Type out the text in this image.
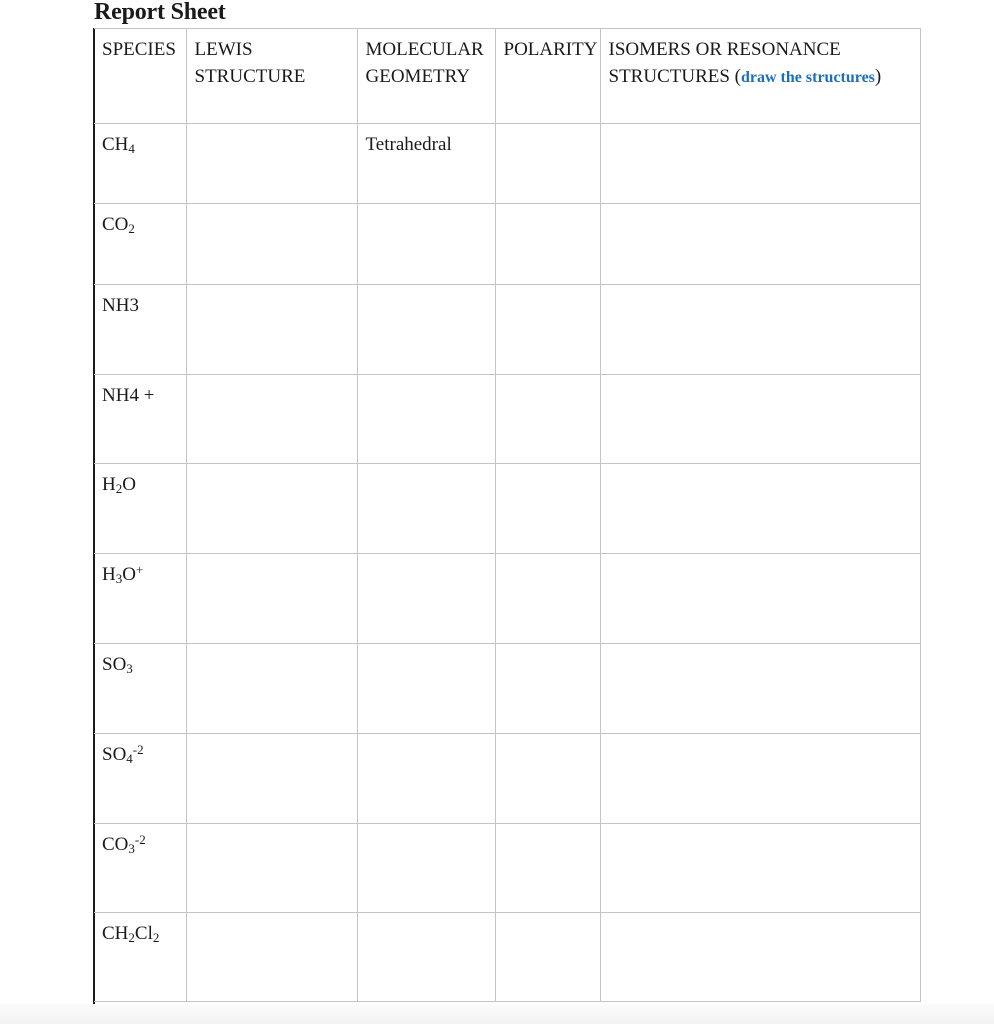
Report Sheet
SPECIES	LEWIS STRUCTURE	MOLECULAR GEOMETRY	POLARITY	ISOMERS OR RESONANCE STRUCTURES (draw the structures)
$CH_4$		Tetrahedral		
$CO_2$				
NH3				
NH4 +				
$H_2O$				
$H_3O^+$				
$SO_3$				
$SO_4^{-2}$				
$CO_3^{-2}$				
$CH_2Cl_2$				
